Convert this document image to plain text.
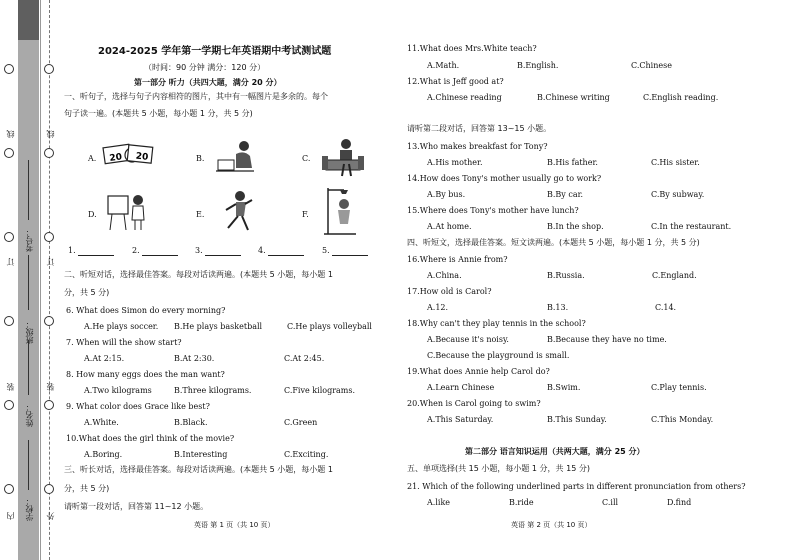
学校：
姓名：
班级：
考号：
线
订
装
内
线
订
装
外
2024-2025 学年第一学期七年英语期中考试测试题
（时间：90 分钟 满分：120 分）
第一部分 听力（共四大题，满分 20 分）
一、听句子，选择与句子内容相符的图片，其中有一幅图片是多余的。每个
句子读一遍。(本题共 5 小题，每小题 1 分，共 5 分)
A. 20 20	B.	C.
D.	E.	F.
1.	2.	3.	4.	5.
二、听短对话，选择最佳答案。每段对话读两遍。(本题共 5 小题，每小题 1
分，共 5 分)
6. What does Simon do every morning?
A.He plays soccer. B.He plays basketball	C.He plays volleyball
7. When will the show start?
A.At 2:15.	B.At 2:30.	C.At 2:45.
8. How many eggs does the man want?
A.Two kilograms	B.Three kilograms.	C.Five kilograms.
9. What color does Grace like best?
A.White.	B.Black.	C.Green
10.What does the girl think of the movie?
A.Boring.	B.Interesting	C.Exciting.
三、听长对话，选择最佳答案。每段对话读两遍。(本题共 5 小题，每小题 1
分，共 5 分)
请听第一段对话，回答第 11~12 小题。
英语 第 1 页（共 10 页）
11.What does Mrs.White teach?
A.Math.	B.English.	C.Chinese
12.What is Jeff good at?
A.Chinese reading	B.Chinese writing	C.English reading.
请听第二段对话，回答第 13~15 小题。
13.Who makes breakfast for Tony?
A.His mother.	B.His father.	C.His sister.
14.How does Tony's mother usually go to work?
A.By bus.	B.By car.	C.By subway.
15.Where does Tony's mother have lunch?
A.At home.	B.In the shop.	C.In the restaurant.
四、听短文，选择最佳答案。短文读两遍。(本题共 5 小题，每小题 1 分，共 5 分)
16.Where is Annie from?
A.China.	B.Russia.	C.England.
17.How old is Carol?
A.12.	B.13.	C.14.
18.Why can't they play tennis in the school?
A.Because it's noisy.	B.Because they have no time.
C.Because the playground is small.
19.What does Annie help Carol do?
A.Learn Chinese	B.Swim.	C.Play tennis.
20.When is Carol going to swim?
A.This Saturday.	B.This Sunday.	C.This Monday.
第二部分 语言知识运用（共两大题，满分 25 分）
五、单项选择(共 15 小题，每小题 1 分，共 15 分)
21. Which of the following underlined parts in different pronunciation from others?
A.like	B.ride	C.ill	D.find
英语 第 2 页（共 10 页）
